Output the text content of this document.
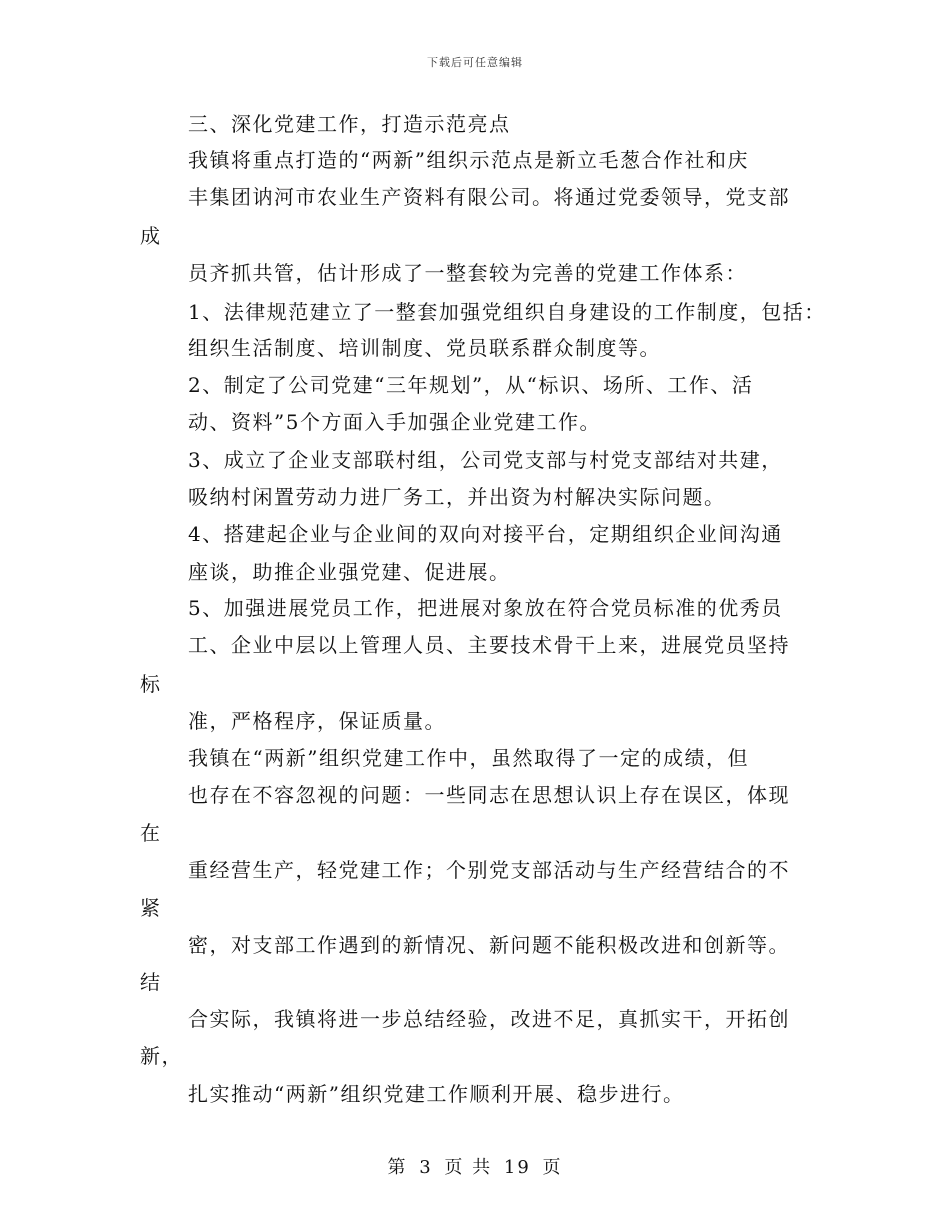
下载后可任意编辑
三、深化党建工作，打造示范亮点
我镇将重点打造的“两新”组织示范点是新立毛葱合作社和庆
丰集团讷河市农业生产资料有限公司。将通过党委领导，党支部
成
员齐抓共管，估计形成了一整套较为完善的党建工作体系：
1、法律规范建立了一整套加强党组织自身建设的工作制度，包括：
组织生活制度、培训制度、党员联系群众制度等。
2、制定了公司党建“三年规划”，从“标识、场所、工作、活
动、资料”5个方面入手加强企业党建工作。
3、成立了企业支部联村组，公司党支部与村党支部结对共建，
吸纳村闲置劳动力进厂务工，并出资为村解决实际问题。
4、搭建起企业与企业间的双向对接平台，定期组织企业间沟通
座谈，助推企业强党建、促进展。
5、加强进展党员工作，把进展对象放在符合党员标准的优秀员
工、企业中层以上管理人员、主要技术骨干上来，进展党员坚持
标
准，严格程序，保证质量。
我镇在“两新”组织党建工作中，虽然取得了一定的成绩，但
也存在不容忽视的问题：一些同志在思想认识上存在误区，体现
在
重经营生产，轻党建工作；个别党支部活动与生产经营结合的不
紧
密，对支部工作遇到的新情况、新问题不能积极改进和创新等。
结
合实际，我镇将进一步总结经验，改进不足，真抓实干，开拓创
新，
扎实推动“两新”组织党建工作顺利开展、稳步进行。
第 3 页 共 19 页
